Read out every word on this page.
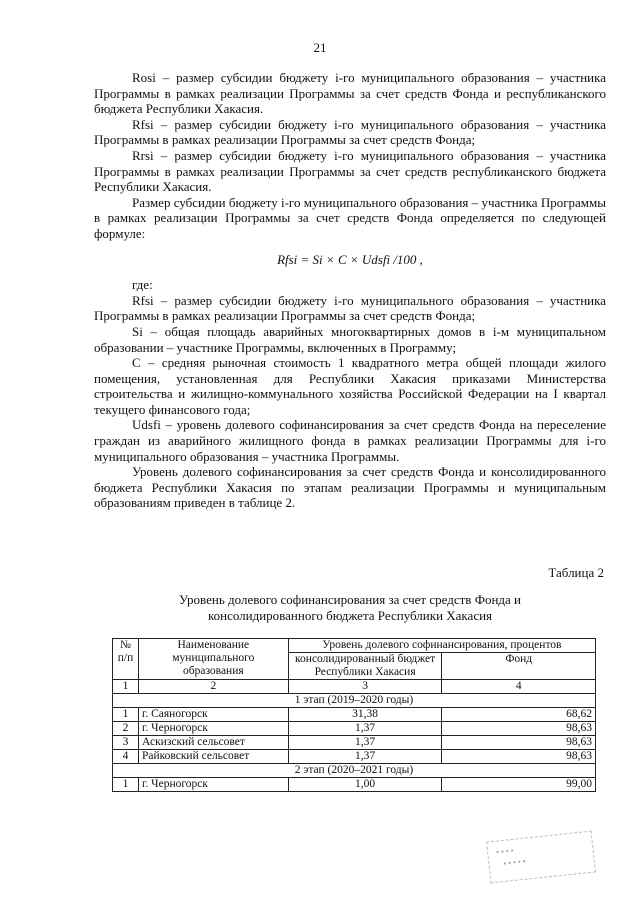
21

Rоsi – размер субсидии бюджету i-го муниципального образования – участника Программы в рамках реализации Программы за счет средств Фонда и республиканского бюджета Республики Хакасия.

Rfsi – размер субсидии бюджету i-го муниципального образования – участника Программы в рамках реализации Программы за счет средств Фонда;

Rrsi – размер субсидии бюджету i-го муниципального образования – участника Программы в рамках реализации Программы за счет средств республиканского бюджета Республики Хакасия.

Размер субсидии бюджету i-го муниципального образования – участника Программы в рамках реализации Программы за счет средств Фонда определяется по следующей формуле:

Rfsi = Si × C × Udsfi /100 ,

где:

Rfsi – размер субсидии бюджету i-го муниципального образования – участника Программы в рамках реализации Программы за счет средств Фонда;

Si – общая площадь аварийных многоквартирных домов в i-м муниципальном образовании – участнике Программы, включенных в Программу;

С – средняя рыночная стоимость 1 квадратного метра общей площади жилого помещения, установленная для Республики Хакасия приказами Министерства строительства и жилищно-коммунального хозяйства Российской Федерации на I квартал текущего финансового года;

Udsfi – уровень долевого софинансирования за счет средств Фонда на переселение граждан из аварийного жилищного фонда в рамках реализации Программы для i-го муниципального образования – участника Программы.

Уровень долевого софинансирования за счет средств Фонда и консолидированного бюджета Республики Хакасия по этапам реализации Программы и муниципальным образованиям приведен в таблице 2.

Таблица 2
Уровень долевого софинансирования за счет средств Фонда и
консолидированного бюджета Республики Хакасия
№ п/п	Наименование муниципального образования	Уровень долевого софинансирования, процентов	
		консолидированный бюджет Республики Хакасия	Фонд
1	2	3	4
1 этап (2019–2020 годы)			
1	г. Саяногорск	31,38	68,62
2	г. Черногорск	1,37	98,63
3	Аскизский сельсовет	1,37	98,63
4	Райковский сельсовет	1,37	98,63
2 этап (2020–2021 годы)			
1	г. Черногорск	1,00	99,00
▪ ▪ ▪ ▪
▪ ▪ ▪ ▪ ▪
